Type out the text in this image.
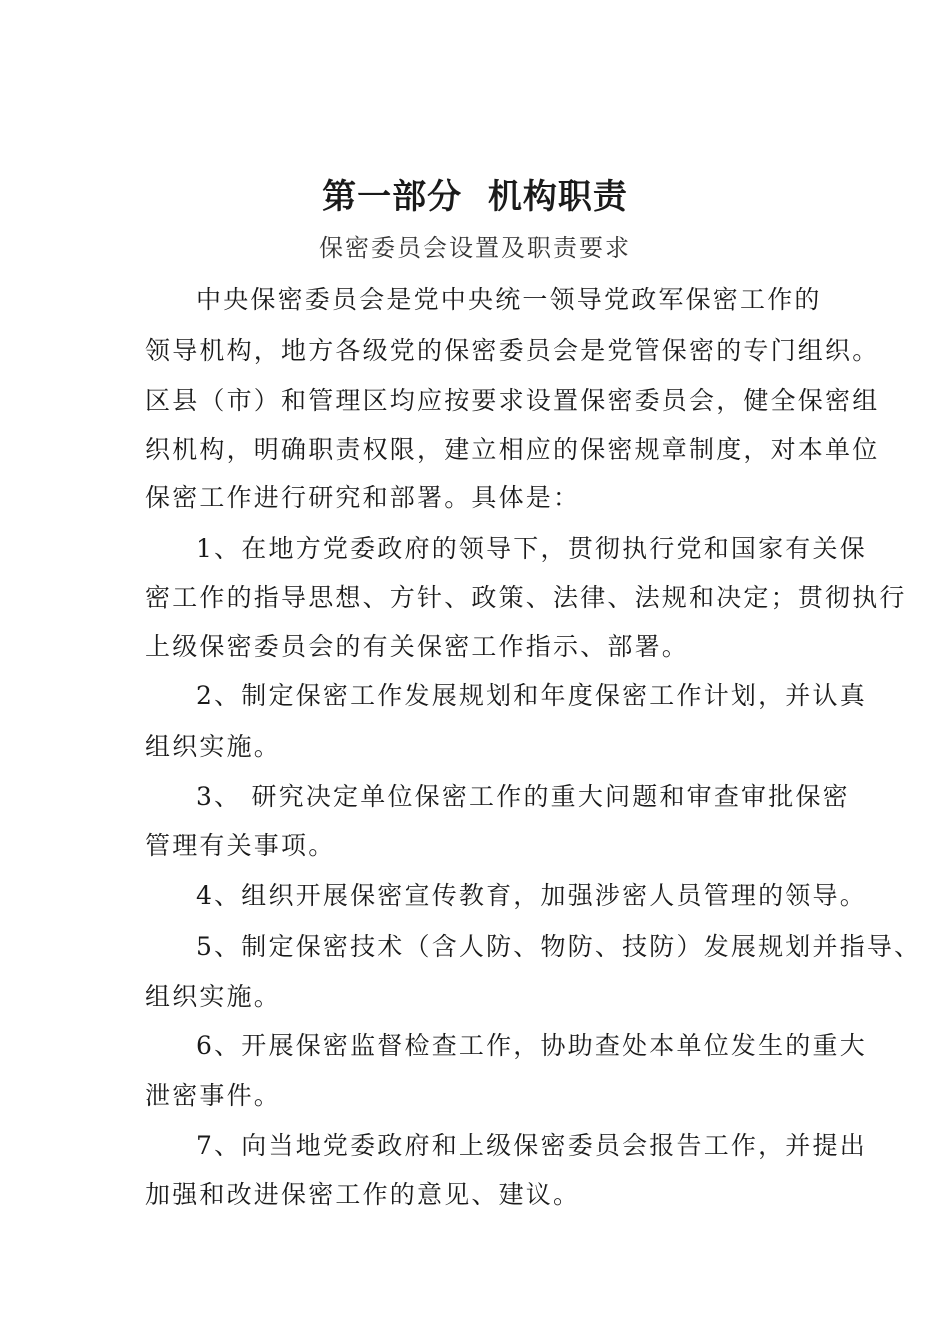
第一部分  机构职责
保密委员会设置及职责要求
中央保密委员会是党中央统一领导党政军保密工作的
领导机构，地方各级党的保密委员会是党管保密的专门组织。
区县（市）和管理区均应按要求设置保密委员会，健全保密组
织机构，明确职责权限，建立相应的保密规章制度，对本单位
保密工作进行研究和部署。具体是：
1、在地方党委政府的领导下，贯彻执行党和国家有关保
密工作的指导思想、方针、政策、法律、法规和决定；贯彻执行
上级保密委员会的有关保密工作指示、部署。
2、制定保密工作发展规划和年度保密工作计划，并认真
组织实施。
3、 研究决定单位保密工作的重大问题和审查审批保密
管理有关事项。
4、组织开展保密宣传教育，加强涉密人员管理的领导。
5、制定保密技术（含人防、物防、技防）发展规划并指导、
组织实施。
6、开展保密监督检查工作，协助查处本单位发生的重大
泄密事件。
7、向当地党委政府和上级保密委员会报告工作，并提出
加强和改进保密工作的意见、建议。
